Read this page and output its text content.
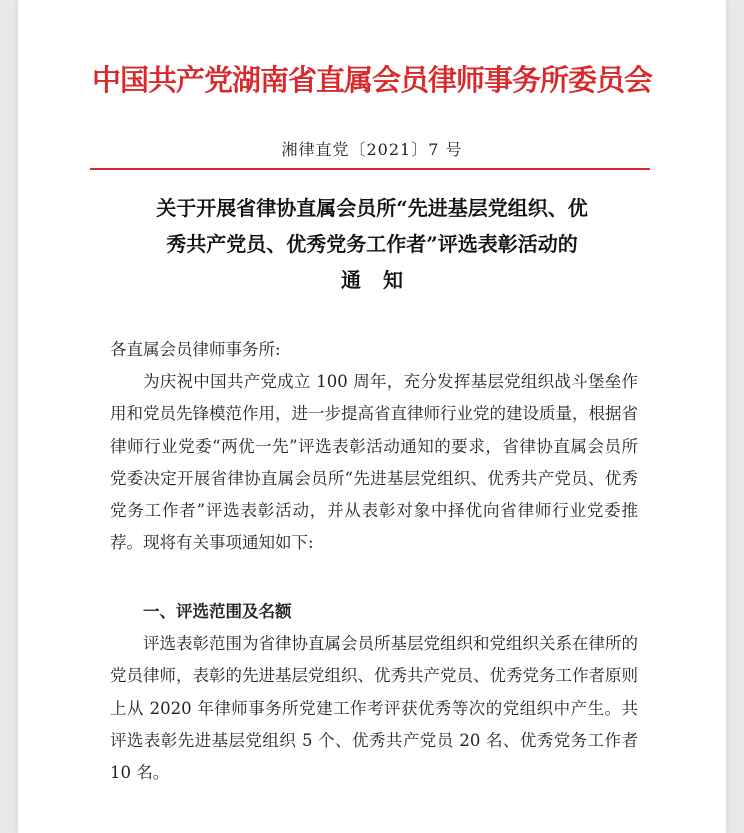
中国共产党湖南省直属会员律师事务所委员会
湘律直党〔2021〕7 号
关于开展省律协直属会员所“先进基层党组织、优
秀共产党员、优秀党务工作者”评选表彰活动的
通知
各直属会员律师事务所:
为庆祝中国共产党成立 100 周年，充分发挥基层党组织战斗堡垒作用和党员先锋模范作用，进一步提高省直律师行业党的建设质量，根据省律师行业党委“两优一先”评选表彰活动通知的要求，省律协直属会员所党委决定开展省律协直属会员所“先进基层党组织、优秀共产党员、优秀党务工作者”评选表彰活动，并从表彰对象中择优向省律师行业党委推荐。现将有关事项通知如下:
一、评选范围及名额
评选表彰范围为省律协直属会员所基层党组织和党组织关系在律所的党员律师，表彰的先进基层党组织、优秀共产党员、优秀党务工作者原则上从 2020 年律师事务所党建工作考评获优秀等次的党组织中产生。共评选表彰先进基层党组织 5 个、优秀共产党员 20 名、优秀党务工作者 10 名。
